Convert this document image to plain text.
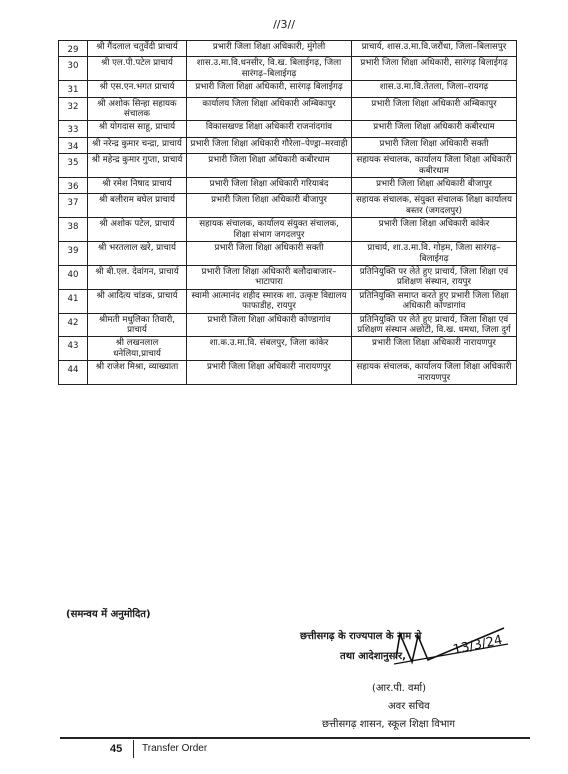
//3//
29	श्री गैंदलाल चतुर्वेदी प्राचार्य	प्रभारी जिला शिक्षा अधिकारी, मुंगेली	प्राचार्य, शास.उ.मा.वि.जरौंधा, जिला–बिलासपुर
30	श्री एल.पी.पटेल प्राचार्य	शास.उ.मा.वि.धनसीर, वि.ख. बिलाईगढ़, जिला सारंगढ़–बिलाईगढ़	प्रभारी जिला शिक्षा अधिकारी, सारंगढ़ बिलाईगढ़
31	श्री एस.एन.भगत प्राचार्य	प्रभारी जिला शिक्षा अधिकारी, सारंगढ़ बिलाईगढ़	शास.उ.मा.वि.तेतला, जिला–रायगढ़
32	श्री अशोक सिन्हा सहायक संचालक	कार्यालय जिला शिक्षा अधिकारी अम्बिकापुर	प्रभारी जिला शिक्षा अधिकारी अम्बिकापुर
33	श्री योगदास साहू, प्राचार्य	विकासखण्ड शिक्षा अधिकारी राजनांदगांव	प्रभारी जिला शिक्षा अधिकारी कबीरधाम
34	श्री नरेन्द्र कुमार चन्द्रा, प्राचार्य	प्रभारी जिला शिक्षा अधिकारी गौरेला–पेण्ड्रा–मरवाही	प्रभारी जिला शिक्षा अधिकारी सक्ती
35	श्री महेन्द्र कुमार गुप्ता, प्राचार्य	प्रभारी जिला शिक्षा अधिकारी कबीरधाम	सहायक संचालक, कार्यालय जिला शिक्षा अधिकारी कबीरधाम
36	श्री रमेश निषाद प्राचार्य	प्रभारी जिला शिक्षा अधिकारी गरियाबंद	प्रभारी जिला शिक्षा अधिकारी बीजापुर
37	श्री बलीराम बघेल प्राचार्य	प्रभारी जिला शिक्षा अधिकारी बीजापुर	सहायक संचालक, संयुक्त संचालक शिक्षा कार्यालय बस्तर (जगदलपुर)
38	श्री अशोक पटेल, प्राचार्य	सहायक संचालक, कार्यालय संयुक्त संचालक, शिक्षा संभाग जगदलपुर	प्रभारी जिला शिक्षा अधिकारी कांकेर
39	श्री भरतलाल खरे, प्राचार्य	प्रभारी जिला शिक्षा अधिकारी सक्ती	प्राचार्य, शा.उ.मा.वि. गोड़म, जिला सारंगढ़–बिलाईगढ़
40	श्री बी.एल. देवांगन, प्राचार्य	प्रभारी जिला शिक्षा अधिकारी बलौदाबाजार– भाटापारा	प्रतिनियुक्ति पर लेते हुए प्राचार्य, जिला शिक्षा एवं प्रशिक्षण संस्थान, रायपुर
41	श्री आदित्य चांडक, प्राचार्य	स्वामी आत्मानंद शहीद स्मारक शा. उत्कृष्ट विद्यालय फाफाडीह, रायपुर	प्रतिनियुक्ति समाप्त करते हुए प्रभारी जिला शिक्षा अधिकारी कोण्डागांव
42	श्रीमती मधुलिका तिवारी, प्राचार्य	प्रभारी जिला शिक्षा अधिकारी कोण्डागांव	प्रतिनियुक्ति पर लेते हुए प्राचार्य, जिला शिक्षा एवं प्रशिक्षण संस्थान अछोटी, वि.ख. धमधा, जिला दुर्ग
43	श्री लखनलाल धनेलिया,प्राचार्य	शा.क.उ.मा.वि. संबलपुर, जिला कांकेर	प्रभारी जिला शिक्षा अधिकारी नारायणपुर
44	श्री राजेश मिश्रा, व्याख्याता	प्रभारी जिला शिक्षा अधिकारी नारायणपुर	सहायक संचालक, कार्यालय जिला शिक्षा अधिकारी नारायणपुर
(समन्वय में अनुमोदित)
छत्तीसगढ़ के राज्यपाल के नाम से
तथा आदेशानुसार,	13/3/24
(आर.पी. वर्मा)
अवर सचिव
छत्तीसगढ़ शासन, स्कूल शिक्षा विभाग
45 Transfer Order
